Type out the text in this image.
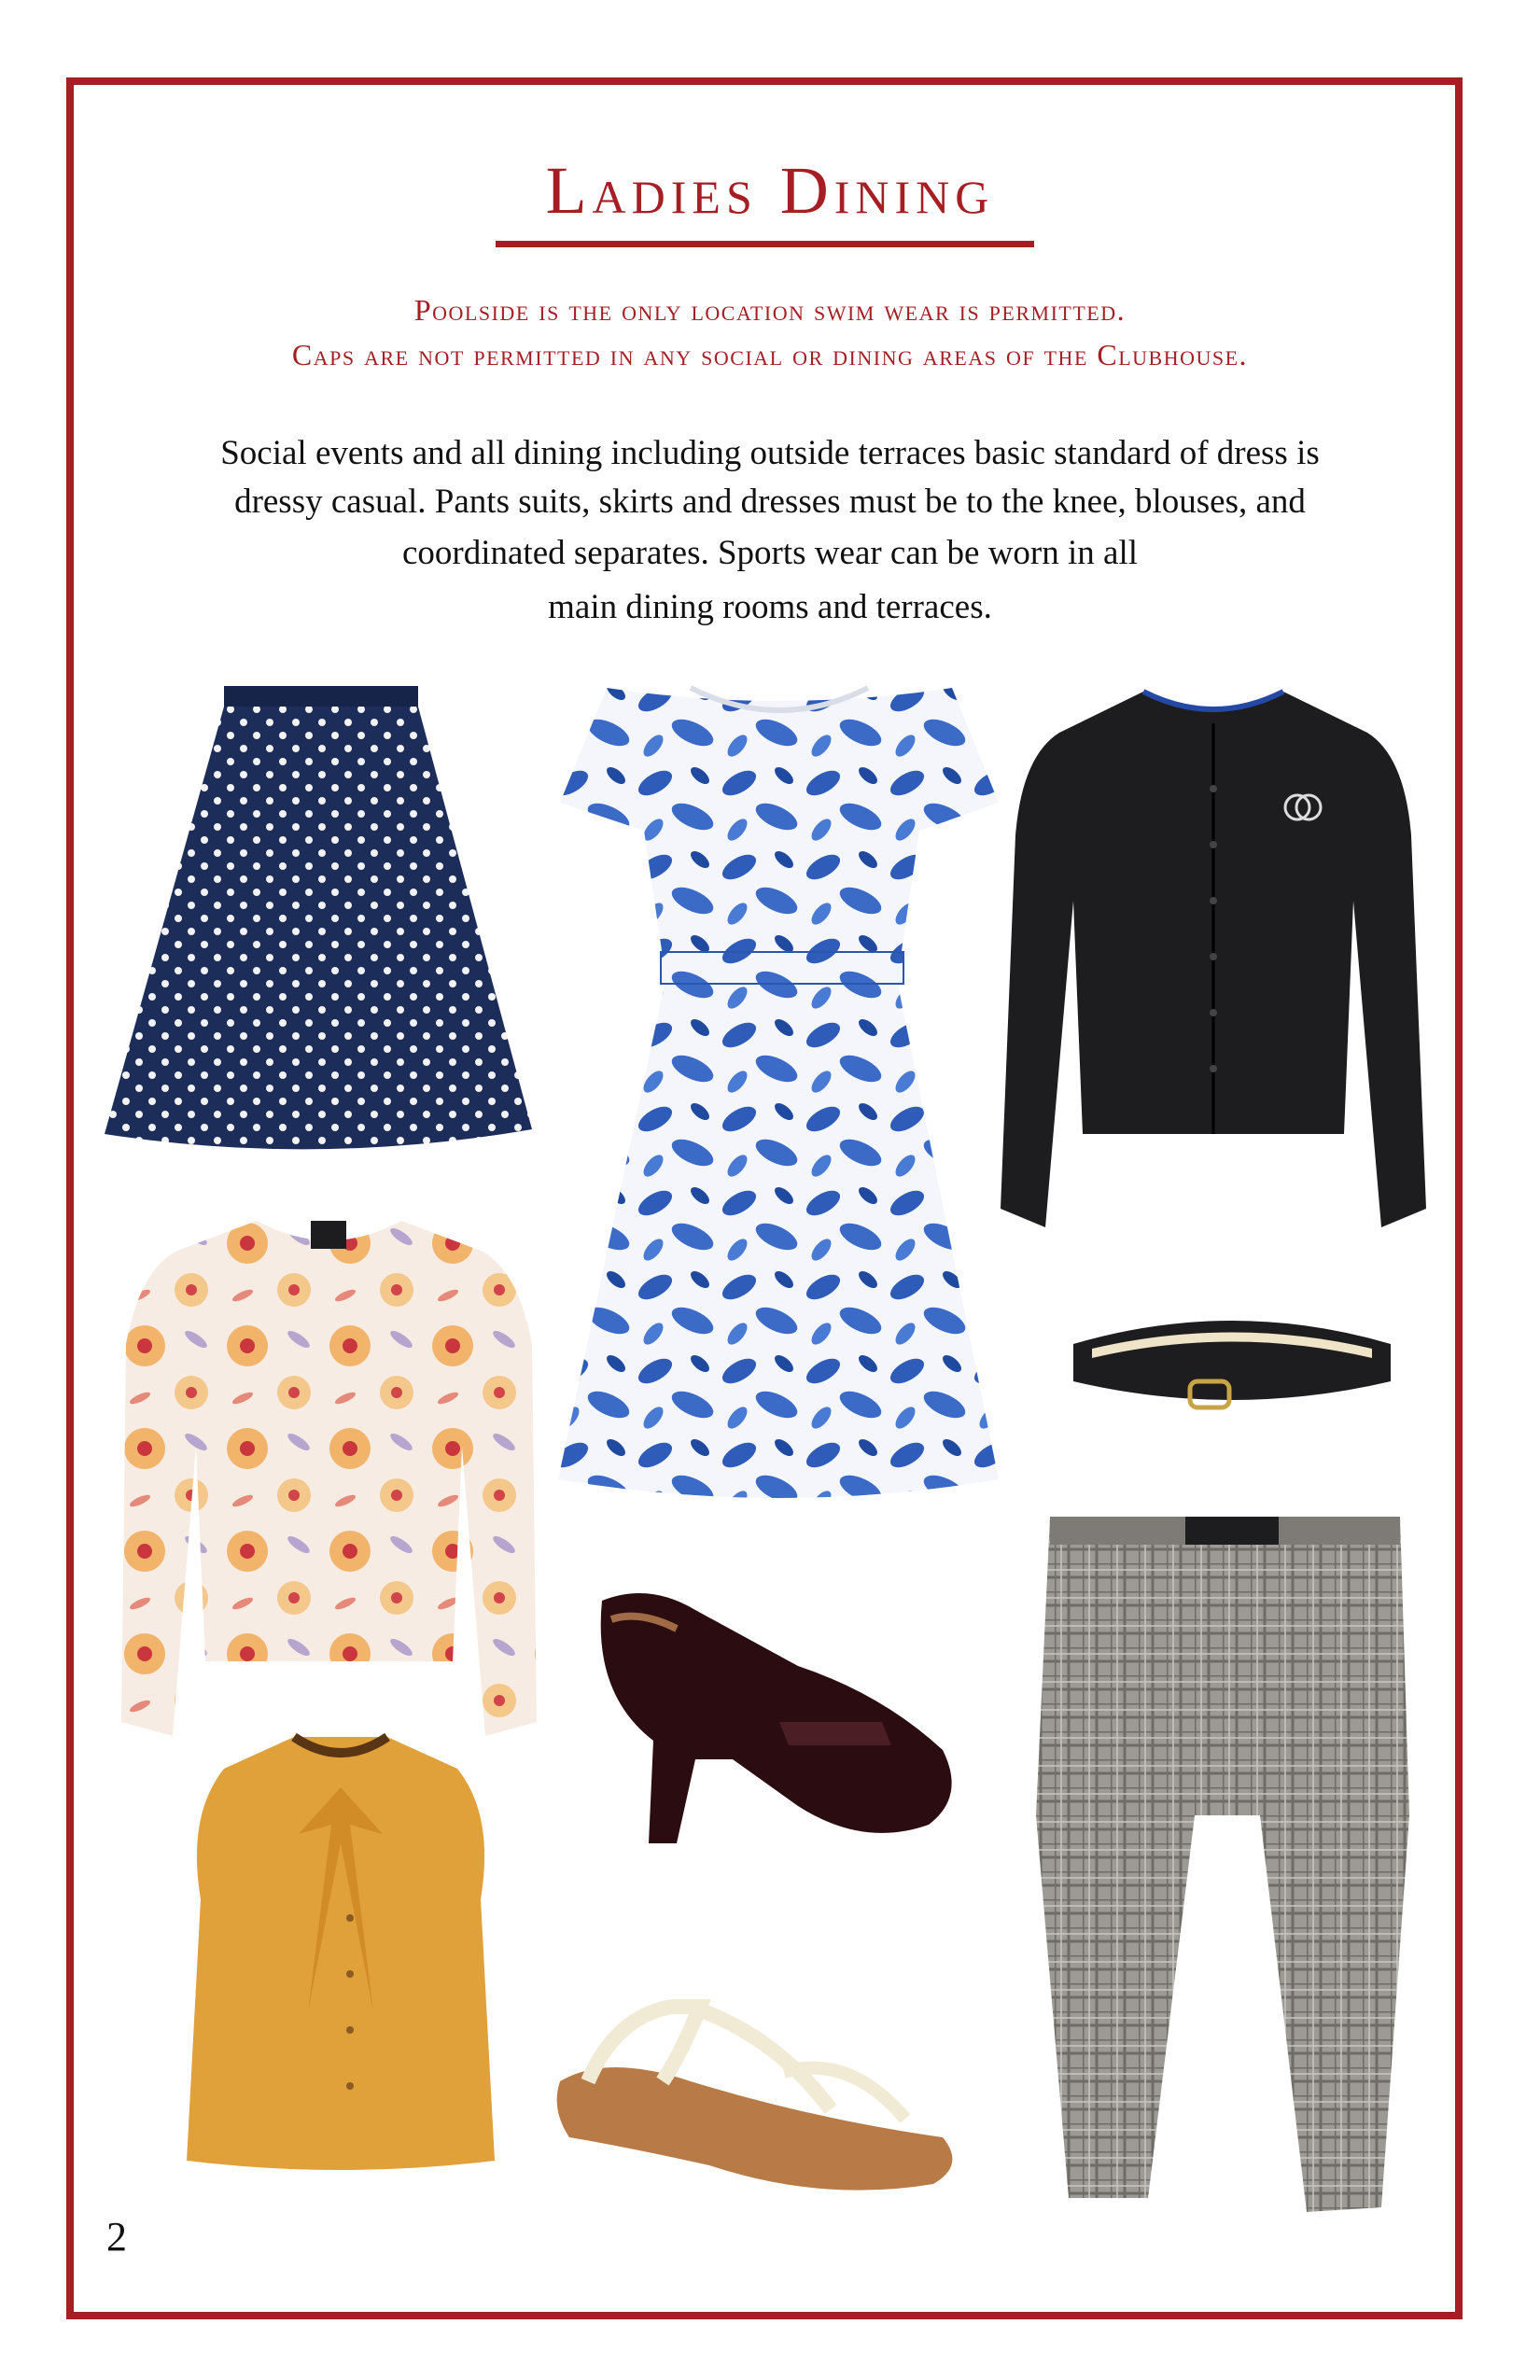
Ladies Dining
Poolside is the only location swim wear is permitted.
Caps are not permitted in any social or dining areas of the Clubhouse.
Social events and all dining including outside terraces basic standard of dress is
dressy casual. Pants suits, skirts and dresses must be to the knee, blouses, and
coordinated separates. Sports wear can be worn in all
main dining rooms and terraces.
2
